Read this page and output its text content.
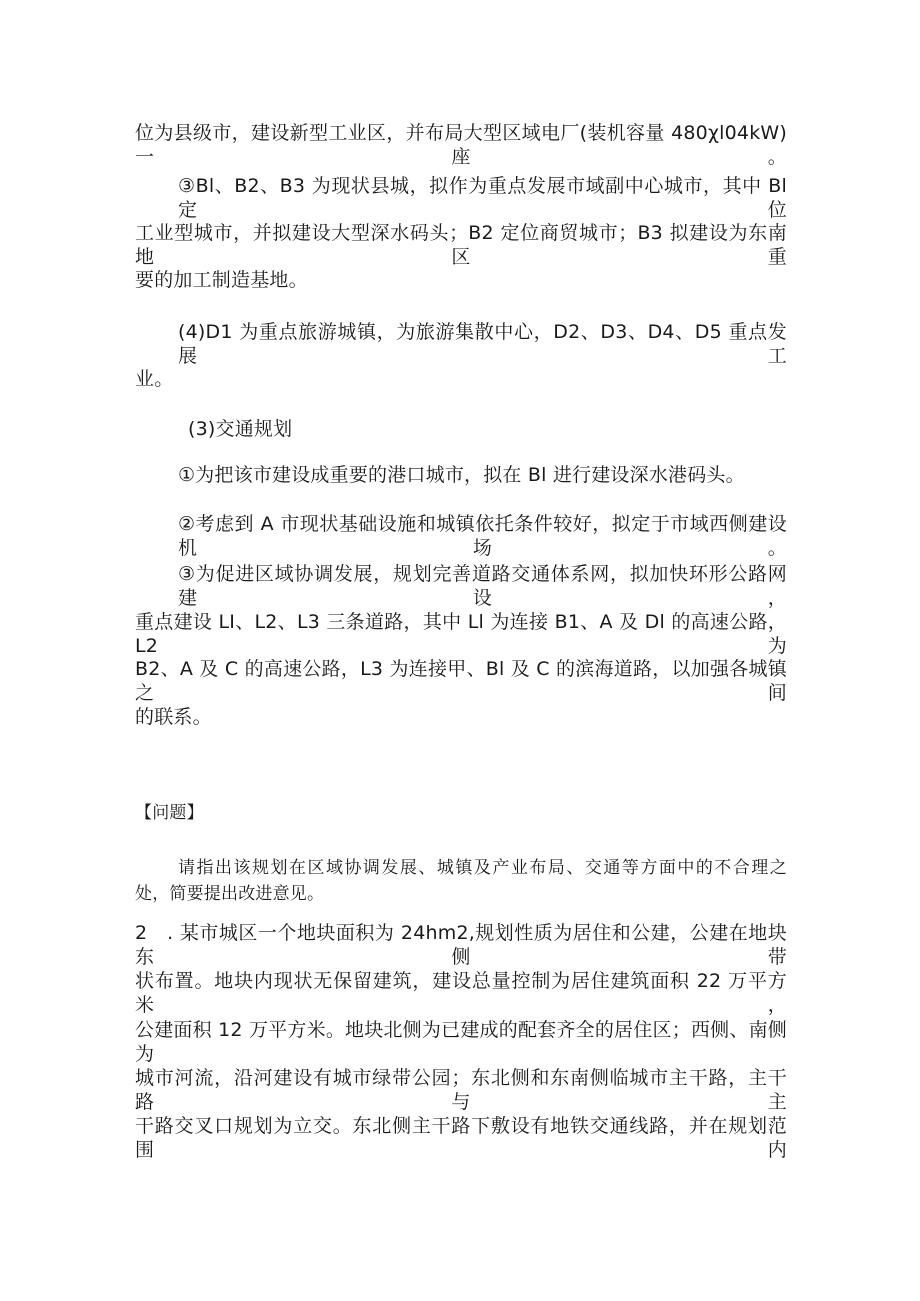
位为县级市，建设新型工业区，并布局大型区域电厂(装机容量 480χl04kW)一座。
③Bl、B2、B3 为现状县城，拟作为重点发展市域副中心城市，其中 Bl 定位
工业型城市，并拟建设大型深水码头；B2 定位商贸城市；B3 拟建设为东南地区重
要的加工制造基地。
(4)D1 为重点旅游城镇，为旅游集散中心，D2、D3、D4、D5 重点发展工
业。
(3)交通规划
①为把该市建设成重要的港口城市，拟在 Bl 进行建设深水港码头。
②考虑到 A 市现状基础设施和城镇依托条件较好，拟定于市域西侧建设机场。
③为促进区域协调发展，规划完善道路交通体系网，拟加快环形公路网建设，
重点建设 LI、L2、L3 三条道路，其中 Ll 为连接 B1、A 及 Dl 的高速公路，L2 为
B2、A 及 C 的高速公路，L3 为连接甲、Bl 及 C 的滨海道路，以加强各城镇之间
的联系。
【问题】
请指出该规划在区域协调发展、城镇及产业布局、交通等方面中的不合理之
处，简要提出改进意见。
2　. 某市城区一个地块面积为 24hm2,规划性质为居住和公建，公建在地块东侧带
状布置。地块内现状无保留建筑，建设总量控制为居住建筑面积 22 万平方米，
公建面积 12 万平方米。地块北侧为已建成的配套齐全的居住区；西侧、南侧为
城市河流，沿河建设有城市绿带公园；东北侧和东南侧临城市主干路，主干路与主
干路交叉口规划为立交。东北侧主干路下敷设有地铁交通线路，并在规划范围内
